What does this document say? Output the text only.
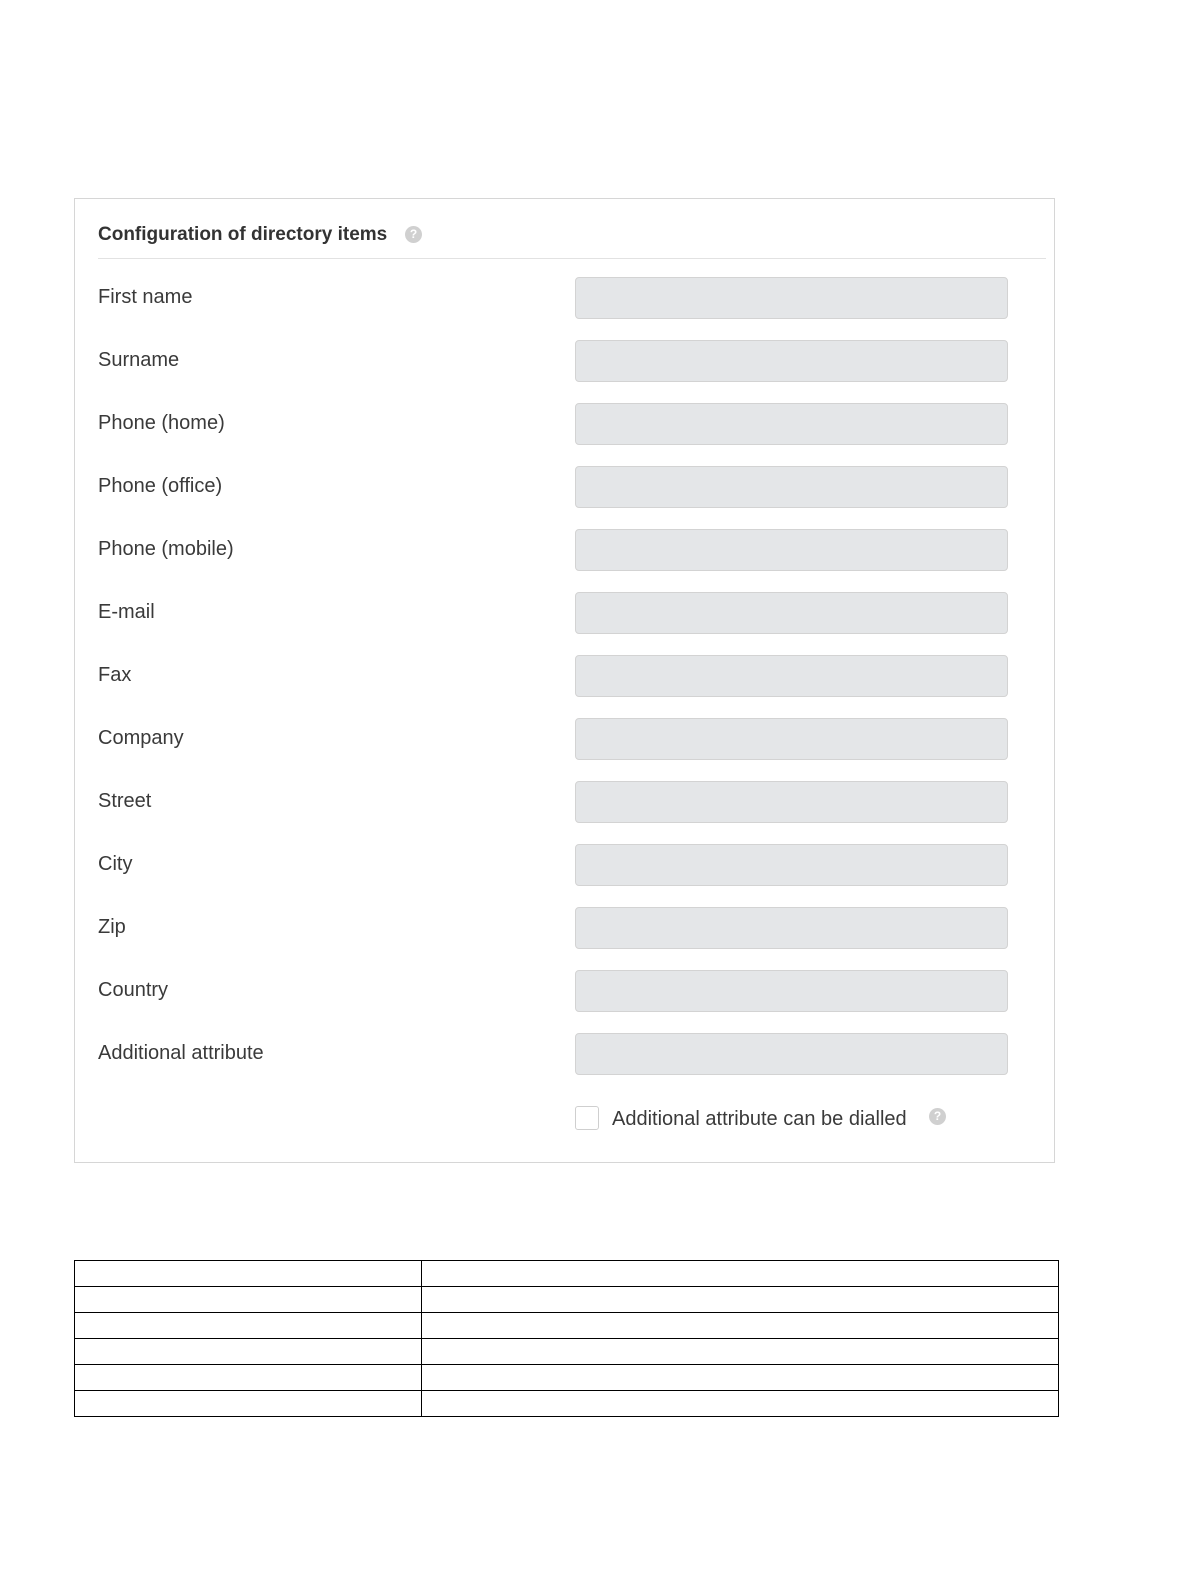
Configuration of directory items	?
First name
Surname
Phone (home)
Phone (office)
Phone (mobile)
E-mail
Fax
Company
Street
City
Zip
Country
Additional attribute
Additional attribute can be dialled	?
